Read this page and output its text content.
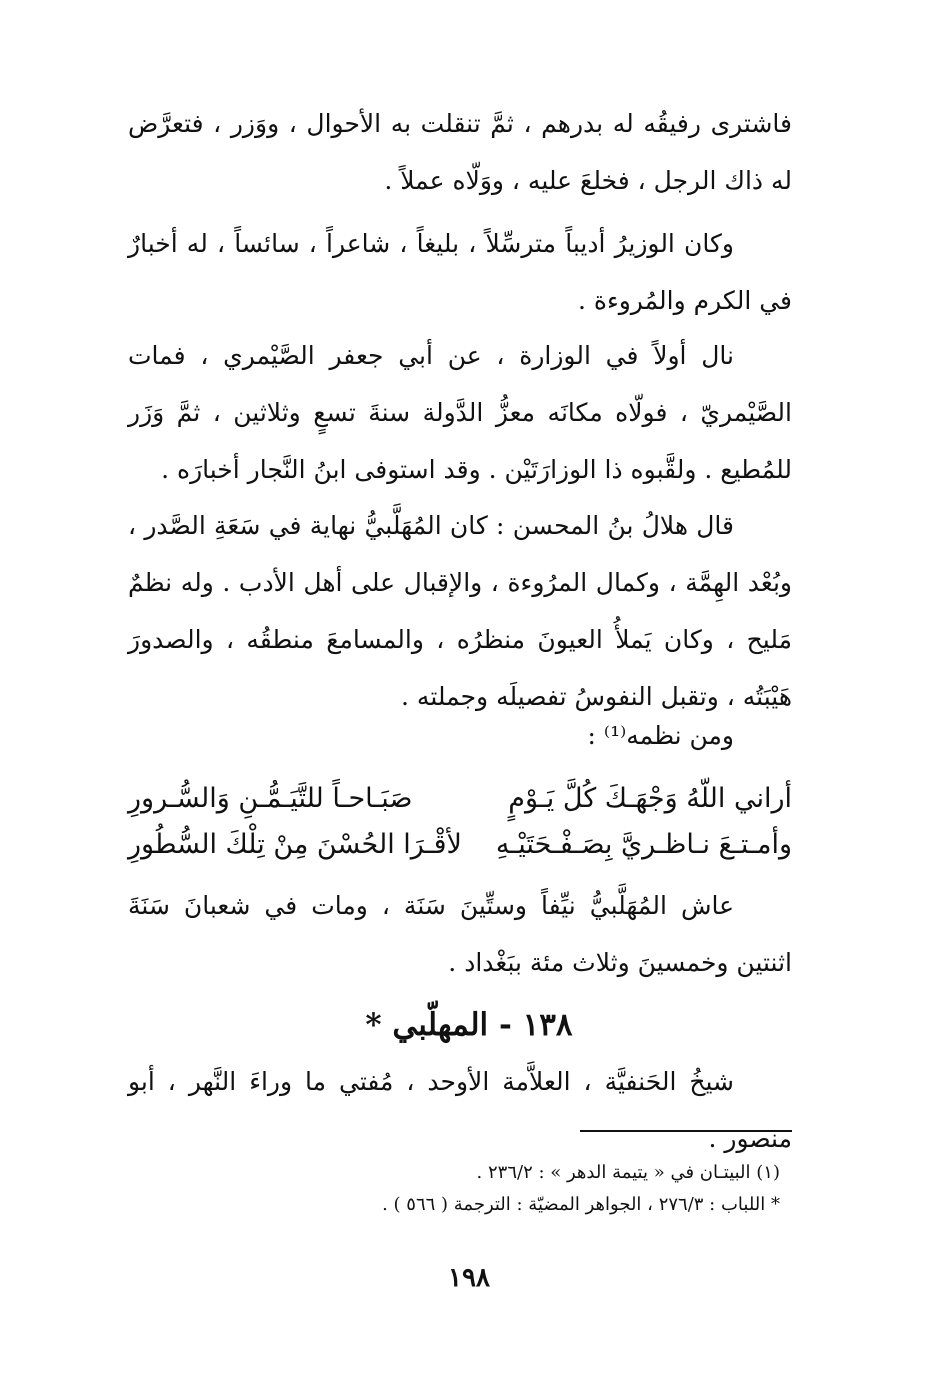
فاشترى رفيقُه له بدرهم ، ثمَّ تنقلت به الأحوال ، ووَزر ، فتعرَّض له ذاك الرجل ، فخلعَ عليه ، ووَلّاه عملاً .

وكان الوزيرُ أديباً مترسِّلاً ، بليغاً ، شاعراً ، سائساً ، له أخبارٌ في الكرم والمُروءة .

نال أولاً في الوزارة ، عن أبي جعفر الصَّيْمري ، فمات الصَّيْمريّ ، فولّاه مكانَه معزُّ الدَّولة سنةَ تسعٍ وثلاثين ، ثمَّ وَزَر للمُطيع . ولقَّبوه ذا الوزارَتَيْن . وقد استوفى ابنُ النَّجار أخبارَه .

قال هلالُ بنُ المحسن : كان المُهَلَّبيُّ نهاية في سَعَةِ الصَّدر ، وبُعْد الهِمَّة ، وكمال المرُوءة ، والإقبال على أهل الأدب . وله نظمٌ مَليح ، وكان يَملأُ العيونَ منظرُه ، والمسامعَ منطقُه ، والصدورَ هَيْبَتُه ، وتقبل النفوسُ تفصيلَه وجملته .

ومن نظمه⁽¹⁾ :

أراني اللّهُ وَجْهَـكَ كُلَّ يَـوْمٍ
صَبَـاحـاً للتَّيَـمُّـنِ وَالسُّـرورِ
وأمـتـعَ نـاظـريَّ بِصَـفْـحَتَيْـهِ
لأقْـرَا الحُسْنَ مِنْ تِلْكَ السُّطُورِ

عاش المُهَلَّبيُّ نيِّفاً وستِّينَ سَنَة ، ومات في شعبانَ سَنَةَ اثنتين وخمسينَ وثلاث مئة ببَغْداد .

١٣٨ - المهلّبي *

شيخُ الحَنفيَّة ، العلاَّمة الأوحد ، مُفتي ما وراءَ النَّهر ، أبو منصور .

(١) البيتـان في « يتيمة الدهر » : ٢٣٦/٢ .
* اللباب : ٢٧٦/٣ ، الجواهر المضيّة : الترجمة ( ٥٦٦ ) .
١٩٨
